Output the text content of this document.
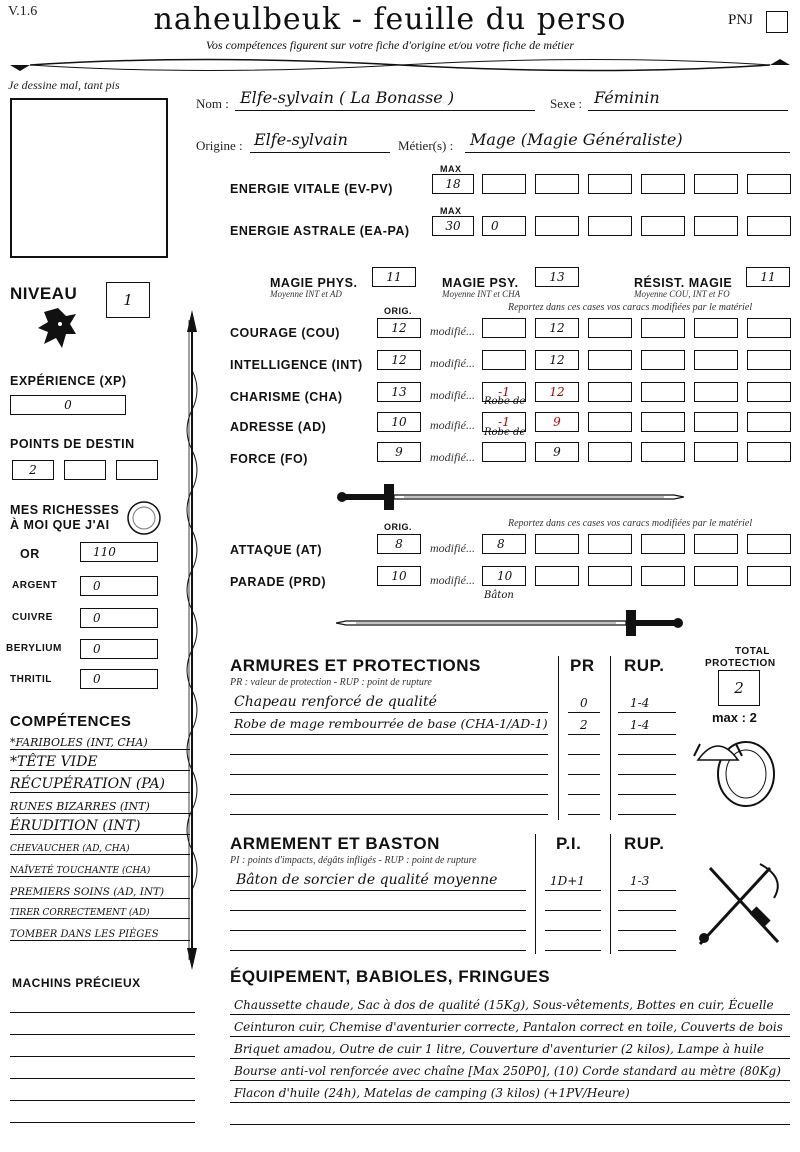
V.1.6	naheulbeuk - feuille du perso
Vos compétences figurent sur votre fiche d'origine et/ou votre fiche de métier
PNJ
Je dessine mal, tant pis
Nom : Elfe-sylvain ( La Bonasse )	Sexe : Féminin
Origine : Elfe-sylvain	Métier(s) : Mage (Magie Généraliste)
MAX
ENERGIE VITALE (EV-PV)	18
MAX
ENERGIE ASTRALE (EA-PA)	30	0
MAGIE PHYS. 11
Moyenne INT et AD
MAGIE PSY.	13
Moyenne INT et CHA
RÉSIST. MAGIE 11
Moyenne COU, INT et FO
NIVEAU	1
EXPÉRIENCE (XP)
0
POINTS DE DESTIN
2
MES RICHESSES
À MOI QUE J'AI
OR	110
ARGENT	0
CUIVRE	0
BERYLIUM	0
THRITIL	0
COMPÉTENCES
*FARIBOLES (INT, CHA)
*TÊTE VIDE
RÉCUPÉRATION (PA)
RUNES BIZARRES (INT)
ÉRUDITION (INT)
CHEVAUCHER (AD, CHA)
NAÏVETÉ TOUCHANTE (CHA)
PREMIERS SOINS (AD, INT)
TIRER CORRECTEMENT (AD)
TOMBER DANS LES PIÈGES
MACHINS PRÉCIEUX
ORIG.	Reportez dans ces cases vos caracs modifiées par le matériel
COURAGE (COU)	12 modifié...	12
INTELLIGENCE (INT) 12 modifié...	12
CHARISME (CHA)	13 modifié... -1	12
Robe de
ADRESSE (AD)	10 modifié... -1	9
Robe de
FORCE (FO)	9 modifié...	9
ORIG.	Reportez dans ces cases vos caracs modifiées par le matériel
ATTAQUE (AT)	8 modifié... 8
PARADE (PRD)	10 modifié... 10
Bâton
ARMURES ET PROTECTIONS
PR : valeur de protection - RUP : point de rupture
PR RUP.
Chapeau renforcé de qualité	0	1-4
Robe de mage rembourrée de base (CHA-1/AD-1)	2	1-4
TOTAL
PROTECTION
2
max : 2
ARMEMENT ET BASTON
PI : points d'impacts, dégâts infligés - RUP : point de rupture
P.I.	RUP.
Bâton de sorcier de qualité moyenne	1D+1	1-3
ÉQUIPEMENT, BABIOLES, FRINGUES
Chaussette chaude, Sac à dos de qualité (15Kg), Sous-vêtements, Bottes en cuir, Écuelle
Ceinturon cuir, Chemise d'aventurier correcte, Pantalon correct en toile, Couverts de bois
Briquet amadou, Outre de cuir 1 litre, Couverture d'aventurier (2 kilos), Lampe à huile
Bourse anti-vol renforcée avec chaîne [Max 250P0], (10) Corde standard au mètre (80Kg)
Flacon d'huile (24h), Matelas de camping (3 kilos) (+1PV/Heure)
